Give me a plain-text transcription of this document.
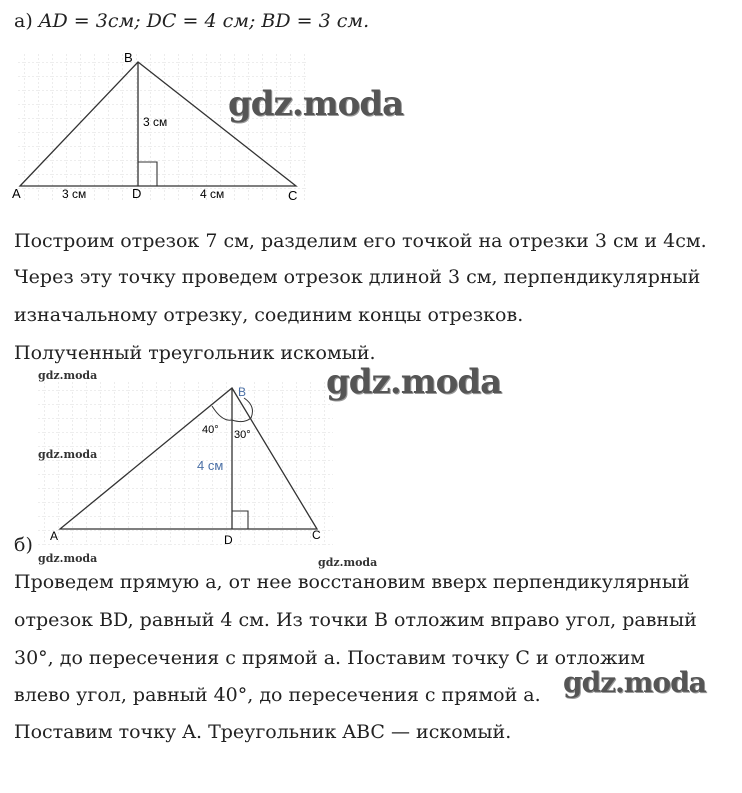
а) AD = 3см; DC = 4 см; BD = 3 см.
A
B
C
D
3 см
3 см	4 см
gdz.moda
Построим отрезок 7 см, разделим его точкой на отрезки 3 см и 4см.
Через эту точку проведем отрезок длиной 3 см, перпендикулярный
изначальному отрезку, соединим концы отрезков.
Полученный треугольник искомый.
40° 30°
A
B
C
D
4 см
gdz.moda
gdz.moda
gdz.moda	gdz.moda
gdz.moda
б)
Проведем прямую a, от нее восстановим вверх перпендикулярный
отрезок BD, равный 4 см. Из точки B отложим вправо угол, равный
30°, до пересечения с прямой a. Поставим точку C и отложим
влево угол, равный 40°, до пересечения с прямой a.
Поставим точку A. Треугольник ABC — искомый.
gdz.moda
